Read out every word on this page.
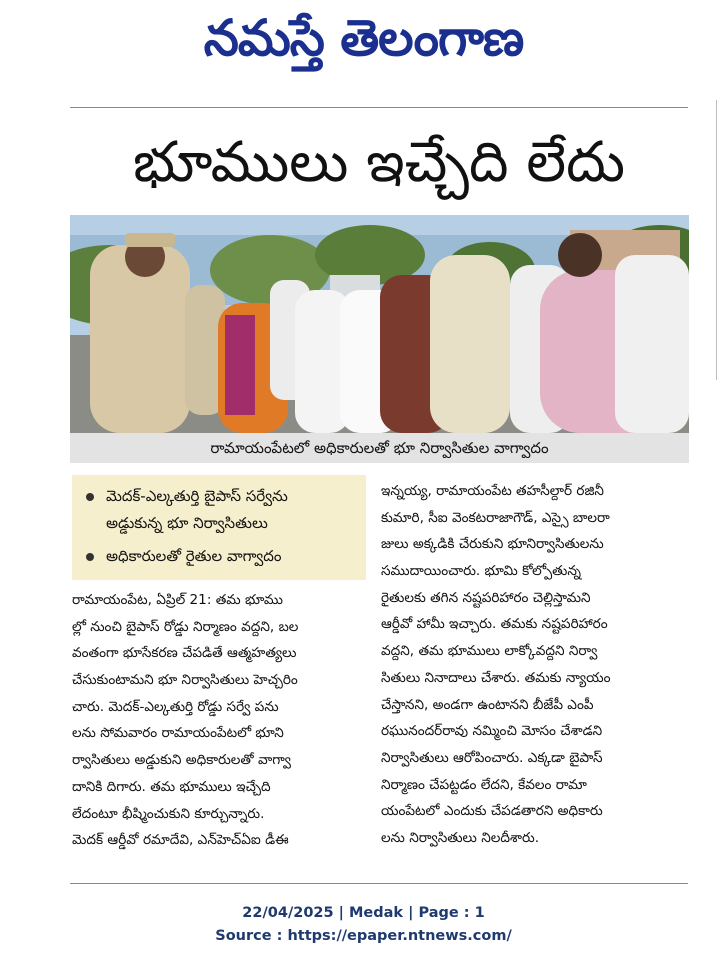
నమస్తే తెలంగాణ
భూములు ఇచ్చేది లేదు
రామాయంపేటలో అధికారులతో భూ నిర్వాసితుల వాగ్వాదం
మెదక్‌-ఎల్కతుర్తి బైపాస్‌ సర్వేను
అడ్డుకున్న భూ నిర్వాసితులు
అధికారులతో రైతుల వాగ్వాదం
రామాయంపేట, ఏప్రిల్‌ 21: తమ భూము
ల్లో నుంచి బైపాస్‌ రోడ్డు నిర్మాణం వద్దని, బల
వంతంగా భూసేకరణ చేపడితే ఆత్మహత్యలు
చేసుకుంటామని భూ నిర్వాసితులు హెచ్చరిం
చారు. మెదక్‌-ఎల్కతుర్తి రోడ్డు సర్వే పను
లను సోమవారం రామాయంపేటలో భూని
ర్వాసితులు అడ్డుకుని అధికారులతో వాగ్వా
దానికి దిగారు. తమ భూములు ఇచ్చేది
లేదంటూ భీష్మించుకుని కూర్చున్నారు.
మెదక్‌ ఆర్డీవో రమాదేవి, ఎన్‌హెచ్‌ఏఐ డీఈ
ఇన్నయ్య, రామాయంపేట తహసీల్దార్‌ రజినీ
కుమారి, సీఐ వెంకటరాజాగౌడ్‌, ఎస్సై బాలరా
జులు అక్కడికి చేరుకుని భూనిర్వాసితులను
సముదాయించారు. భూమి కోల్పోతున్న
రైతులకు తగిన నష్టపరిహారం చెల్లిస్తామని
ఆర్డీవో హామీ ఇచ్చారు. తమకు నష్టపరిహారం
వద్దని, తమ భూములు లాక్కోవద్దని నిర్వా
సితులు నినాదాలు చేశారు. తమకు న్యాయం
చేస్తానని, అండగా ఉంటానని బీజేపీ ఎంపీ
రఘునందర్‌రావు నమ్మించి మోసం చేశాడని
నిర్వాసితులు ఆరోపించారు. ఎక్కడా బైపాస్‌
నిర్మాణం చేపట్టడం లేదని, కేవలం రామా
యంపేటలో ఎందుకు చేపడతారని అధికారు
లను నిర్వాసితులు నిలదీశారు.
22/04/2025 | Medak | Page : 1
Source : https://epaper.ntnews.com/
